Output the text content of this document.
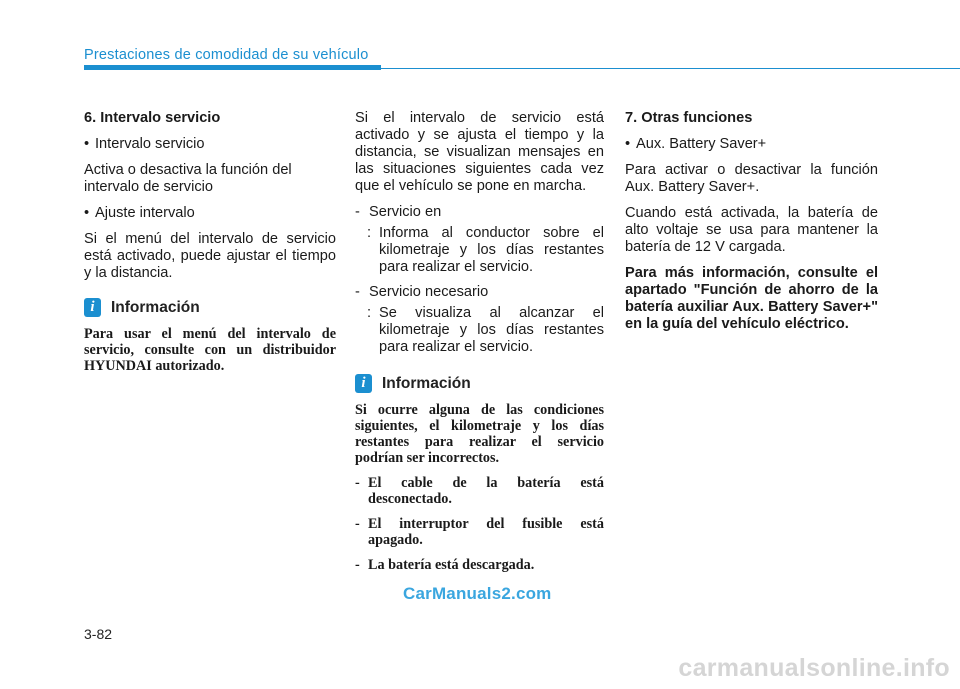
Prestaciones de comodidad de su vehículo

6. Intervalo servicio

• Intervalo servicio

Activa o desactiva la función del intervalo de servicio

• Ajuste intervalo

Si el menú del intervalo de servicio está activado, puede ajustar el tiempo y la distancia.

i	Información

Para usar el menú del intervalo de servicio, consulte con un distribuidor HYUNDAI autorizado.

Si el intervalo de servicio está activado y se ajusta el tiempo y la distancia, se visualizan mensajes en las situaciones siguientes cada vez que el vehículo se pone en marcha.

- Servicio en
: Informa al conductor sobre el kilometraje y los días restantes para realizar el servicio.
- Servicio necesario
: Se visualiza al alcanzar el kilometraje y los días restantes para realizar el servicio.
i	Información

Si ocurre alguna de las condiciones siguientes, el kilometraje y los días restantes para realizar el servicio podrían ser incorrectos.

- El cable de la batería está desconectado.
- El interruptor del fusible está apagado.
- La batería está descargada.

7. Otras funciones

• Aux. Battery Saver+

Para activar o desactivar la función Aux. Battery Saver+.

Cuando está activada, la batería de alto voltaje se usa para mantener la batería de 12 V cargada.

Para más información, consulte el apartado "Función de ahorro de la batería auxiliar Aux. Battery Saver+" en la guía del vehículo eléctrico.

CarManuals2.com
3-82
carmanualsonline.info
